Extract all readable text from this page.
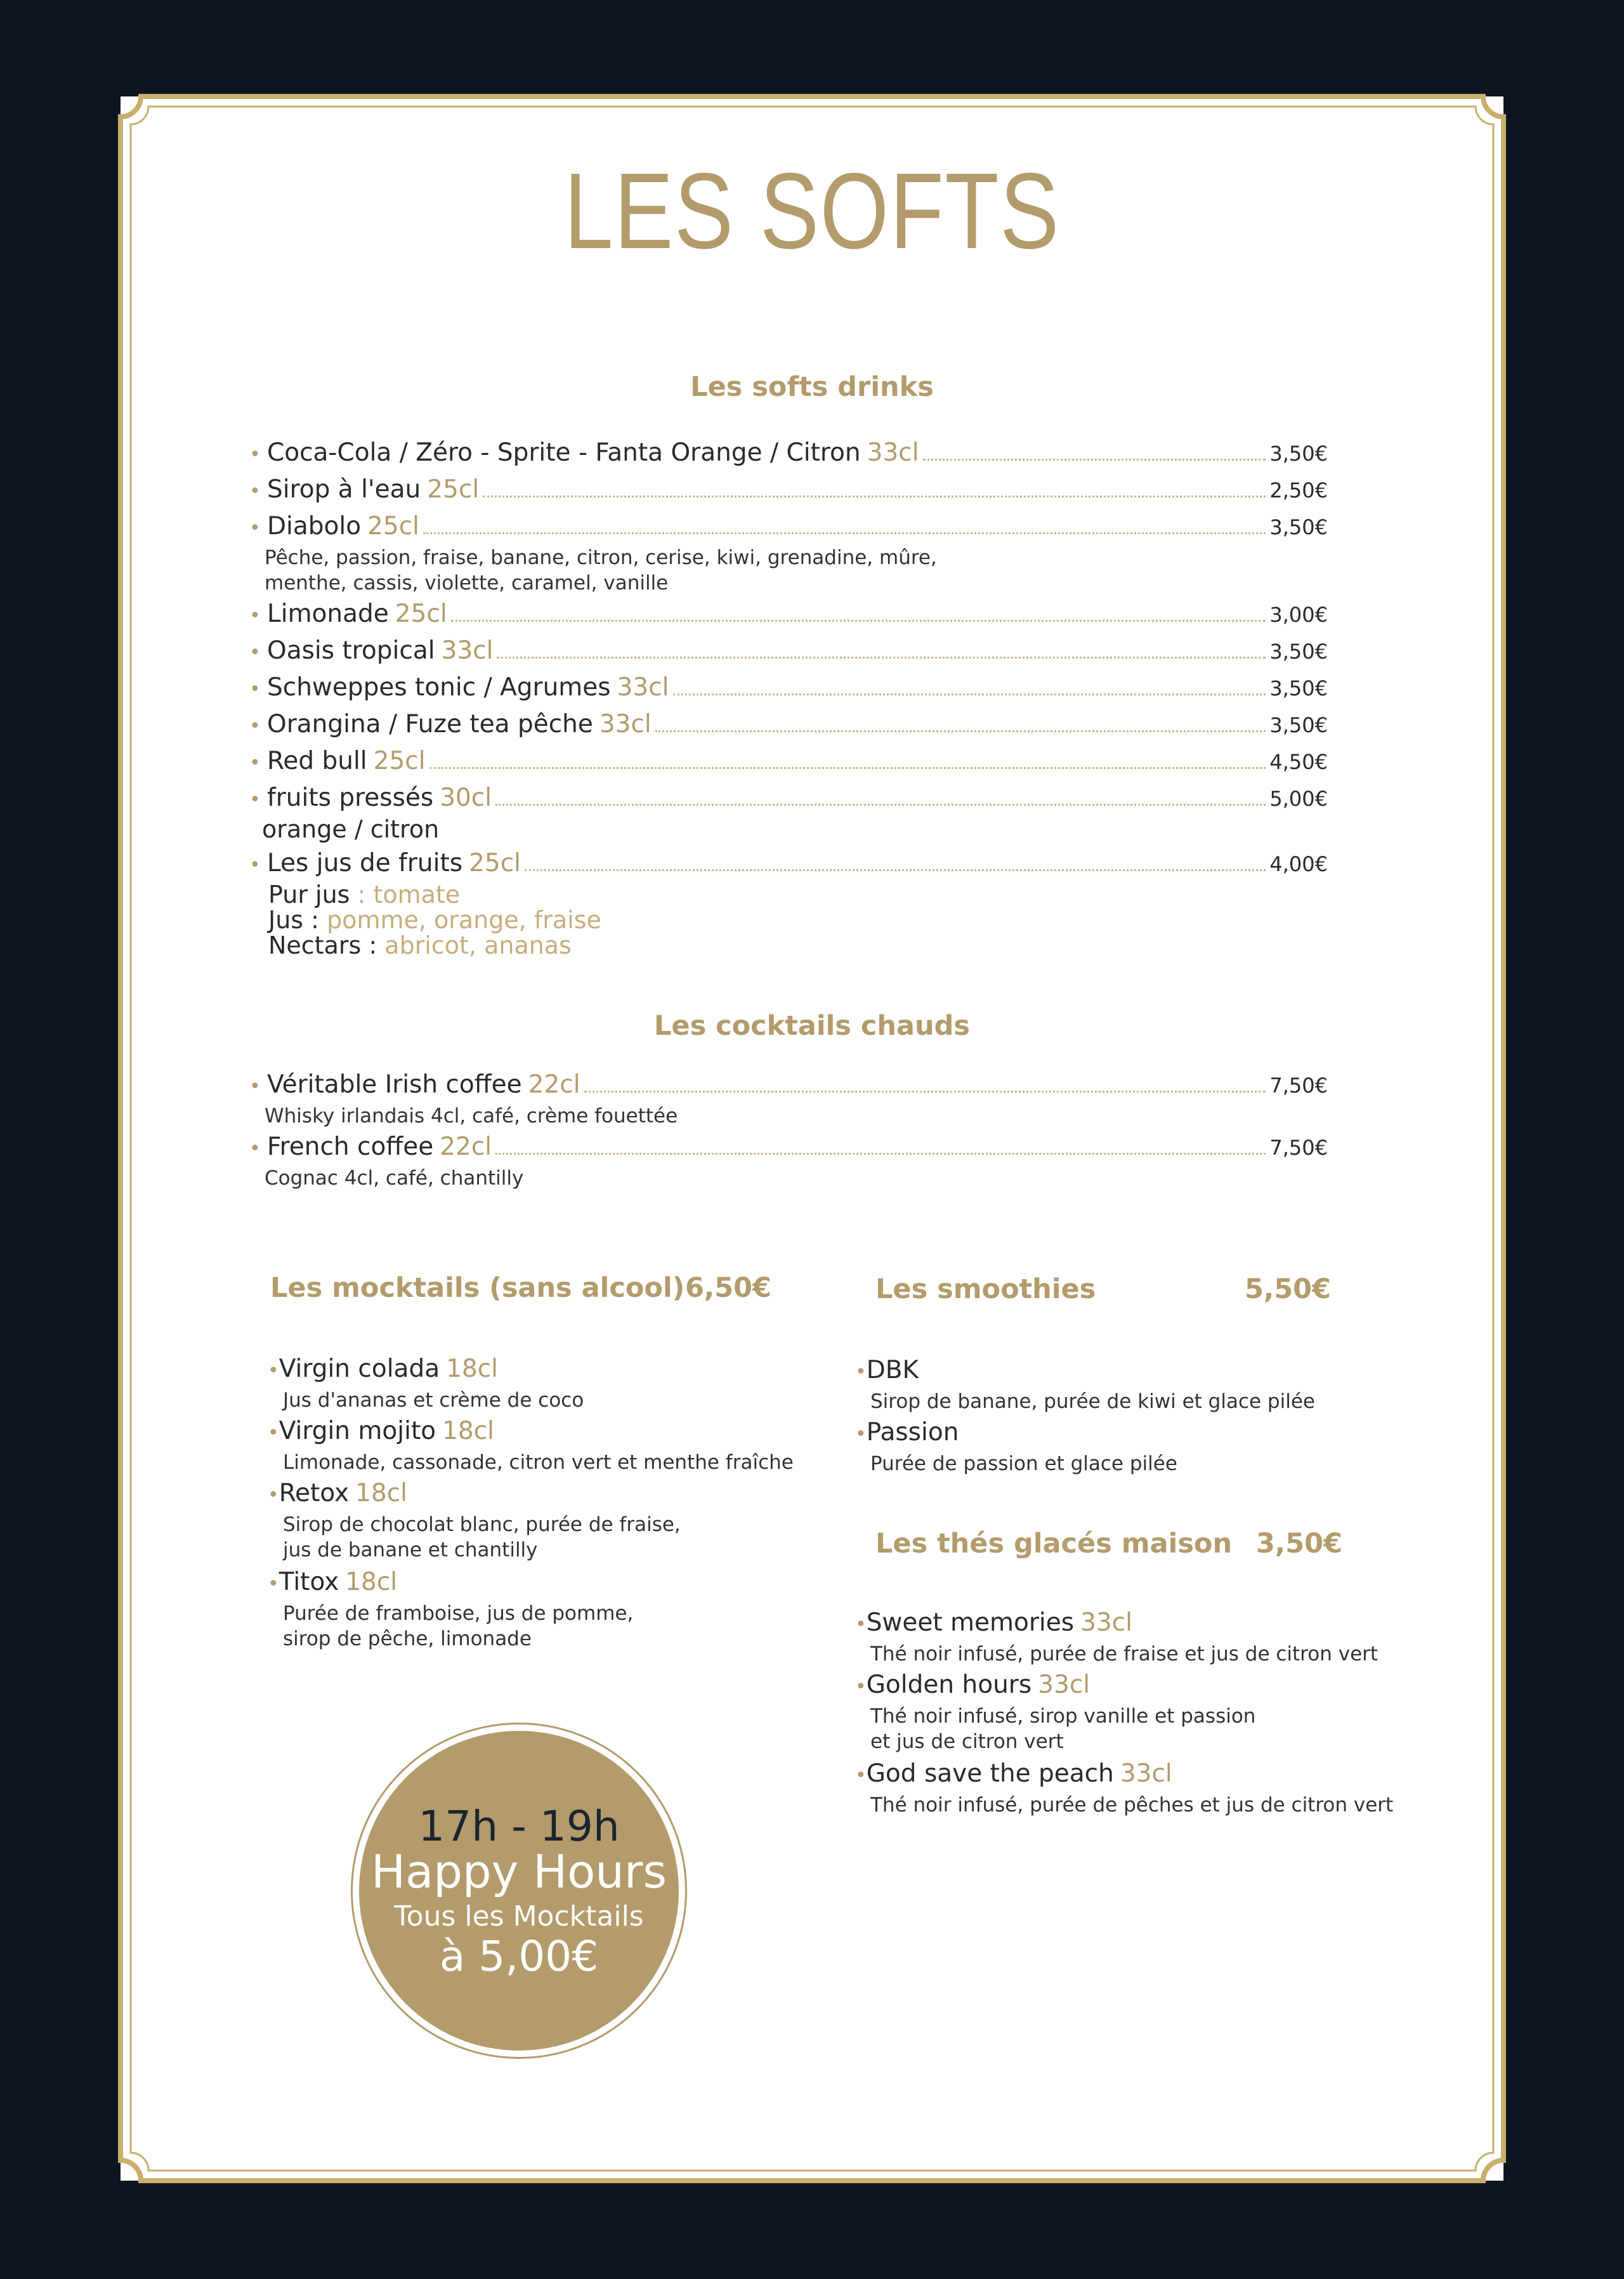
LES SOFTS
Les softs drinks
• Coca-Cola / Zéro - Sprite - Fanta Orange / Citron 33cl	3,50€
• Sirop à l'eau 25cl	2,50€
• Diabolo 25cl	3,50€
Pêche, passion, fraise, banane, citron, cerise, kiwi, grenadine, mûre,
menthe, cassis, violette, caramel, vanille
• Limonade 25cl	3,00€
• Oasis tropical 33cl	3,50€
• Schweppes tonic / Agrumes 33cl	3,50€
• Orangina / Fuze tea pêche 33cl	3,50€
• Red bull 25cl	4,50€
• fruits pressés 30cl	5,00€
orange / citron
• Les jus de fruits 25cl	4,00€
Pur jus : tomate
Jus : pomme, orange, fraise
Nectars : abricot, ananas
Les cocktails chauds
• Véritable Irish coffee 22cl	7,50€
Whisky irlandais 4cl, café, crème fouettée
• French coffee 22cl	7,50€
Cognac 4cl, café, chantilly
Les mocktails (sans alcool) 6,50€
•Virgin colada 18cl
Jus d'ananas et crème de coco
•Virgin mojito 18cl
Limonade, cassonade, citron vert et menthe fraîche
•Retox 18cl
Sirop de chocolat blanc, purée de fraise,
jus de banane et chantilly
•Titox 18cl
Purée de framboise, jus de pomme,
sirop de pêche, limonade
Les smoothies	5,50€
•DBK
Sirop de banane, purée de kiwi et glace pilée
•Passion
Purée de passion et glace pilée
Les thés glacés maison 3,50€
•Sweet memories 33cl
Thé noir infusé, purée de fraise et jus de citron vert
•Golden hours 33cl
Thé noir infusé, sirop vanille et passion
et jus de citron vert
•God save the peach 33cl
Thé noir infusé, purée de pêches et jus de citron vert
17h - 19h
Happy Hours
Tous les Mocktails
à 5,00€
